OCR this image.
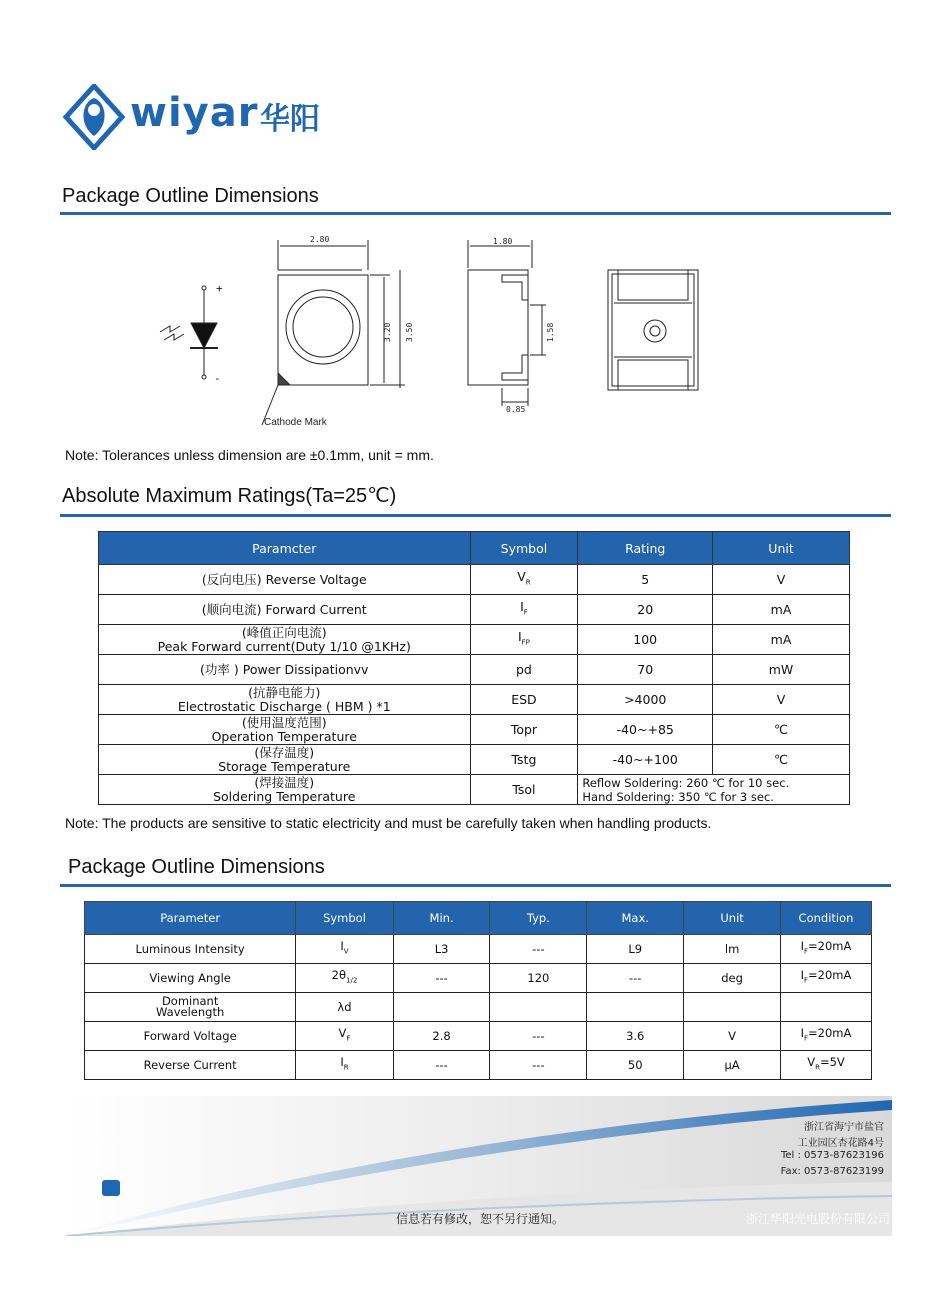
wiyar 华阳
Package Outline Dimensions
2.80	1.80
3.20 3.50	1.58
0.85
+
-
Cathode Mark
Note: Tolerances unless dimension are ±0.1mm, unit = mm.
Absolute Maximum Ratings(Ta=25℃)
Paramcter	Symbol	Rating	Unit
(反向电压) Reverse Voltage	$V_R$	5	V
(顺向电流) Forward Current	$I_F$	20	mA
(峰值正向电流)
Peak Forward current(Duty 1/10 @1KHz)	$I_{FP}$	100	mA
(功率 ) Power Dissipationvv	pd	70	mW
(抗静电能力)
Electrostatic Discharge ( HBM ) *1	ESD	>4000	V
(使用温度范围)
Operation Temperature	Topr	-40~+85	℃
(保存温度)
Storage Temperature	Tstg	-40~+100	℃
(焊接温度)
Soldering Temperature	Tsol	Reflow Soldering: 260 ℃ for 10 sec.
Hand Soldering: 350 ℃ for 3 sec.	
Note: The products are sensitive to static electricity and must be carefully taken when handling products.
Package Outline Dimensions
Parameter	Symbol	Min.	Typ.	Max.	Unit	Condition
Luminous Intensity	$I_V$	L3	---	L9	lm	$I_F=20mA$
Viewing Angle	$2\theta_{1/2}$	---	120	---	deg	$I_F=20mA$
Dominant Wavelength	λd					
Forward Voltage	$V_F$	2.8	---	3.6	V	$I_F=20mA$
Reverse Current	$I_R$	---	---	50	μA	$V_R=5V$
浙江省海宁市盐官
工业园区杏花路4号
Tel : 0573-87623196
Fax: 0573-87623199
信息若有修改，恕不另行通知。	浙江华阳光电股份有限公司
